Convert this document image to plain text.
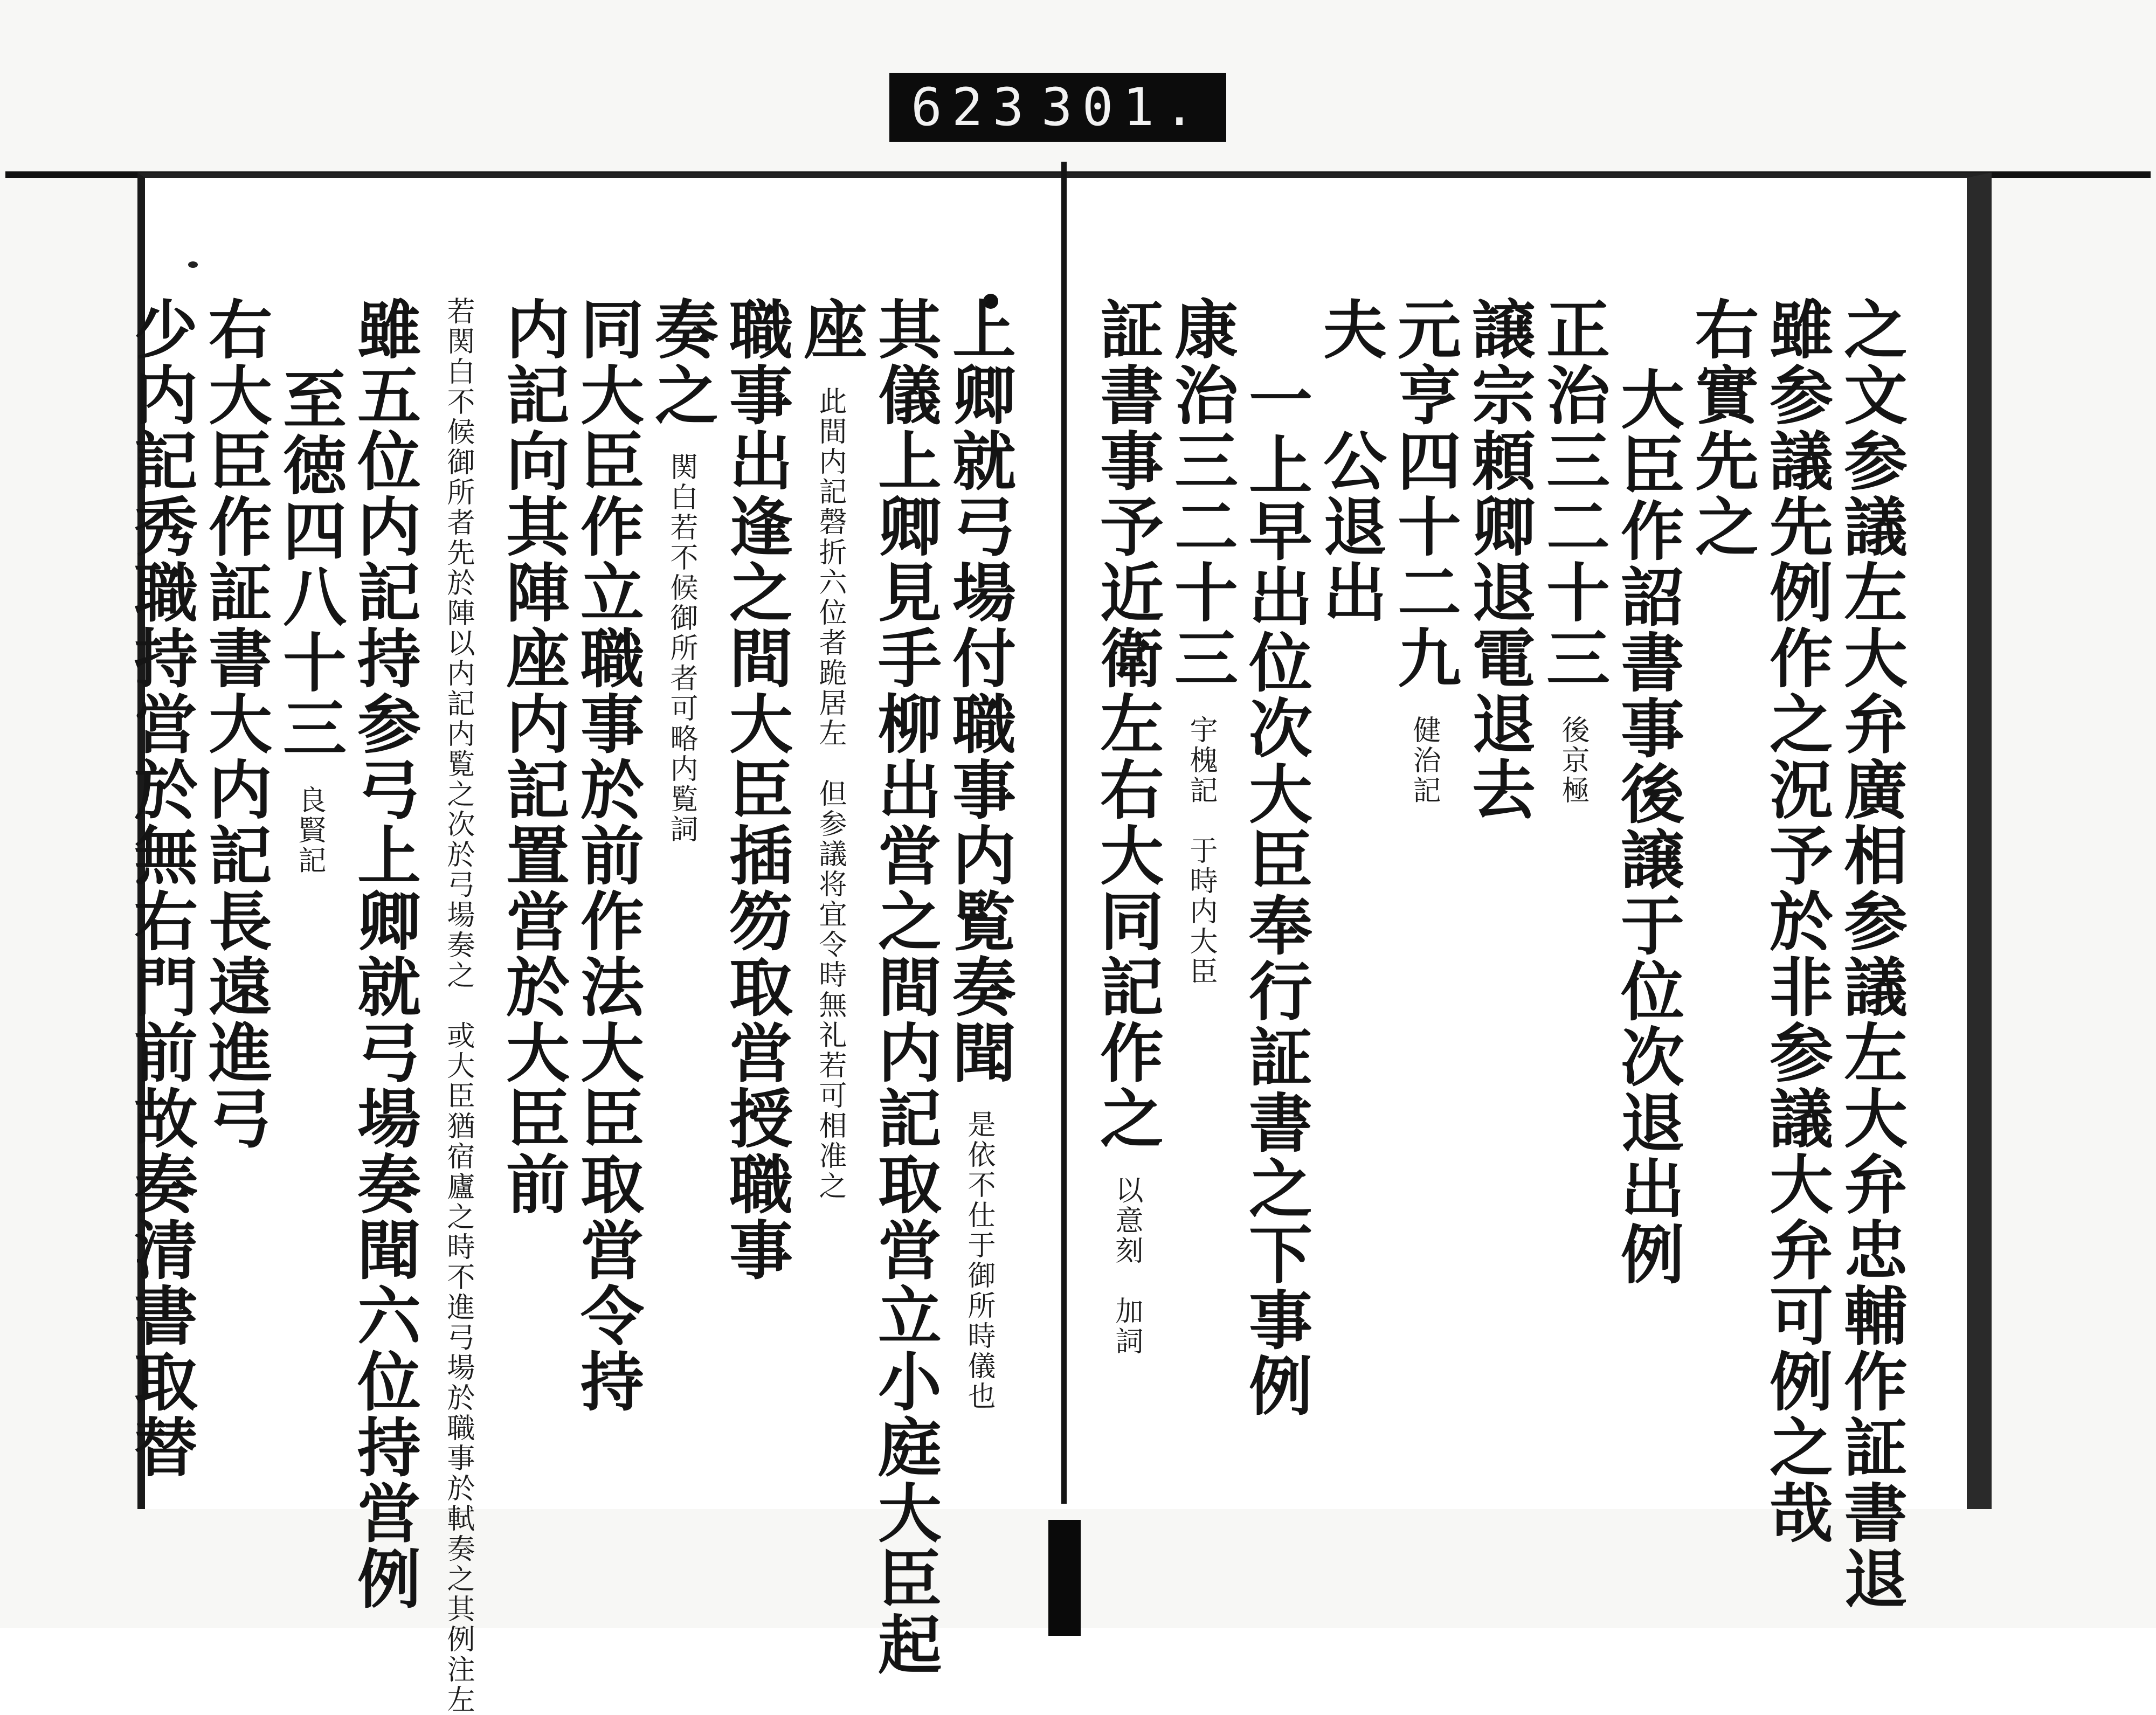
623 301.
上卿就弓場付職事内覧奏聞 是依不仕于御所時儀也
其儀上卿見手柳出営之間内記取営立小庭大臣起
座 此間内記磬折六位者跪居左　但参議将宜令時無礼若可相准之
職事出逢之間大臣插笏取営授職事
奏之 関白若不候御所者可略内覧詞
同大臣作立職事於前作法大臣取営令持
内記向其陣座内記置営於大臣前
若関白不候御所者先於陣以内記内覧之次於弓場奏之　或大臣猶宿廬之時不進弓場於職事於軾奏之其例注左
雖五位内記持参弓上卿就弓場奏聞六位持営例
至徳四八十三 良賢記
右大臣作証書大内記長遠進弓
少内記秀職持営於無右門前故奏清書取替	之文参議左大弁廣相参議左大弁忠輔作証書退
雖参議先例作之況予於非参議大弁可例之哉
右實先之
大臣作詔書事後譲于位次退出例
正治三二十三 後京極
譲宗頼卿退電退去
元亨四十二九 健治記
夫　公退出
一上早出位次大臣奉行証書之下事例
康治三二十三 宇槐記　于時内大臣
証書事予近衛左右大同記作之 以意刻　加詞
